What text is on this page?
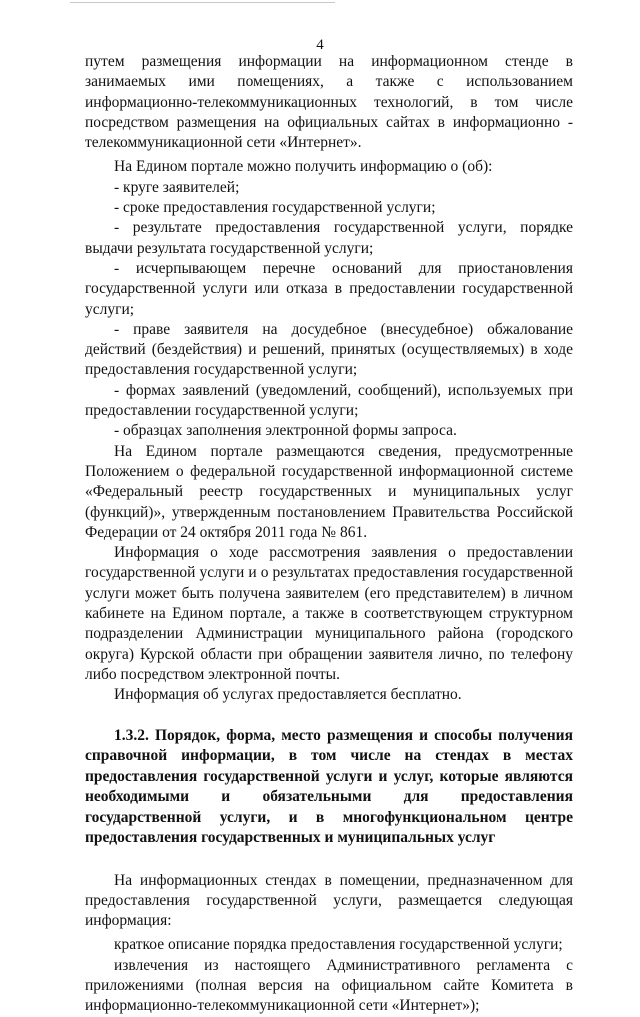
4

путем размещения информации на информационном стенде в занимаемых ими помещениях, а также с использованием информационно-телекоммуникационных технологий, в том числе посредством размещения на официальных сайтах в информационно - телекоммуникационной сети «Интернет».

На Едином портале можно получить информацию о (об):

- круге заявителей;

- сроке предоставления государственной услуги;

- результате предоставления государственной услуги, порядке выдачи результата государственной услуги;

- исчерпывающем перечне оснований для приостановления государственной услуги или отказа в предоставлении государственной услуги;

- праве заявителя на досудебное (внесудебное) обжалование действий (бездействия) и решений, принятых (осуществляемых) в ходе предоставления государственной услуги;

- формах заявлений (уведомлений, сообщений), используемых при предоставлении государственной услуги;

- образцах заполнения электронной формы запроса.

На Едином портале размещаются сведения, предусмотренные Положением о федеральной государственной информационной системе «Федеральный реестр государственных и муниципальных услуг (функций)», утвержденным постановлением Правительства Российской Федерации от 24 октября 2011 года № 861.

Информация о ходе рассмотрения заявления о предоставлении государственной услуги и о результатах предоставления государственной услуги может быть получена заявителем (его представителем) в личном кабинете на Едином портале, а также в соответствующем структурном подразделении Администрации муниципального района (городского округа) Курской области при обращении заявителя лично, по телефону либо посредством электронной почты.

Информация об услугах предоставляется бесплатно.

1.3.2. Порядок, форма, место размещения и способы получения справочной информации, в том числе на стендах в местах предоставления государственной услуги и услуг, которые являются необходимыми и обязательными для предоставления государственной услуги, и в многофункциональном центре предоставления государственных и муниципальных услуг

На информационных стендах в помещении, предназначенном для предоставления государственной услуги, размещается следующая информация:

краткое описание порядка предоставления государственной услуги;

извлечения из настоящего Административного регламента с приложениями (полная версия на официальном сайте Комитета в информационно-телекоммуникационной сети «Интернет»);
